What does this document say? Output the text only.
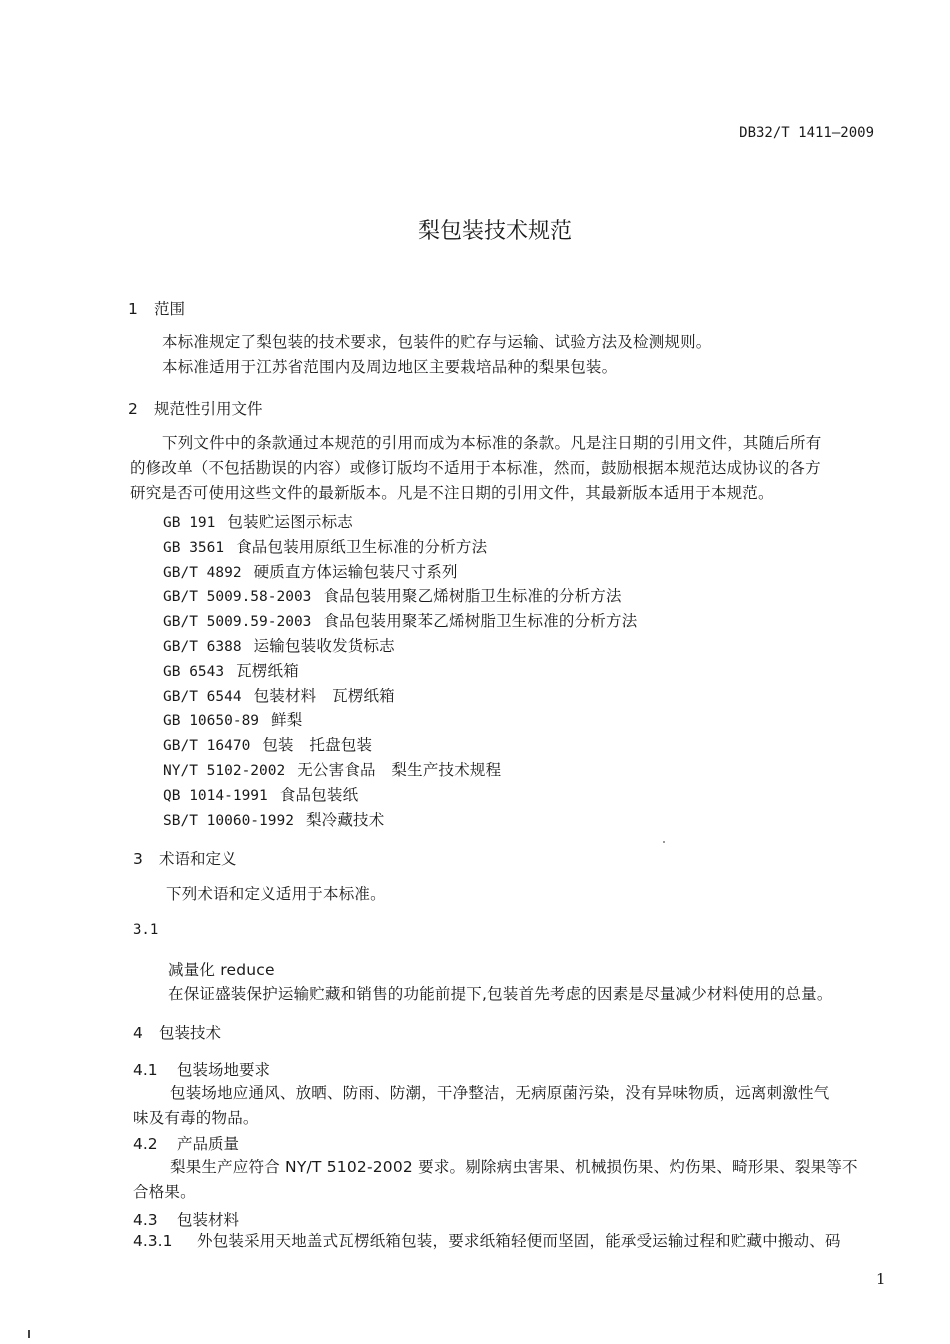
DB32/T 1411—2009
梨包装技术规范
1 范围
本标准规定了梨包装的技术要求，包装件的贮存与运输、试验方法及检测规则。
本标准适用于江苏省范围内及周边地区主要栽培品种的梨果包装。
2 规范性引用文件
下列文件中的条款通过本规范的引用而成为本标准的条款。凡是注日期的引用文件，其随后所有
的修改单（不包括勘误的内容）或修订版均不适用于本标准，然而，鼓励根据本规范达成协议的各方
研究是否可使用这些文件的最新版本。凡是不注日期的引用文件，其最新版本适用于本规范。
GB 191 包装贮运图示标志
GB 3561 食品包装用原纸卫生标准的分析方法
GB/T 4892 硬质直方体运输包装尺寸系列
GB/T 5009.58-2003 食品包装用聚乙烯树脂卫生标准的分析方法
GB/T 5009.59-2003 食品包装用聚苯乙烯树脂卫生标准的分析方法
GB/T 6388 运输包装收发货标志
GB 6543 瓦楞纸箱
GB/T 6544 包装材料　瓦楞纸箱
GB 10650-89 鲜梨
GB/T 16470 包装　托盘包装
NY/T 5102-2002 无公害食品　梨生产技术规程
QB 1014-1991 食品包装纸
SB/T 10060-1992 梨冷藏技术
3 术语和定义
下列术语和定义适用于本标准。
3.1
减量化 reduce
在保证盛装保护运输贮藏和销售的功能前提下,包装首先考虑的因素是尽量减少材料使用的总量。
4 包装技术
4.1 包装场地要求
包装场地应通风、放晒、防雨、防潮，干净整洁，无病原菌污染，没有异味物质，远离刺激性气
味及有毒的物品。
4.2 产品质量
梨果生产应符合 NY/T 5102-2002 要求。剔除病虫害果、机械损伤果、灼伤果、畸形果、裂果等不
合格果。
4.3 包装材料
4.3.1 外包装采用天地盖式瓦楞纸箱包装，要求纸箱轻便而坚固，能承受运输过程和贮藏中搬动、码
1
